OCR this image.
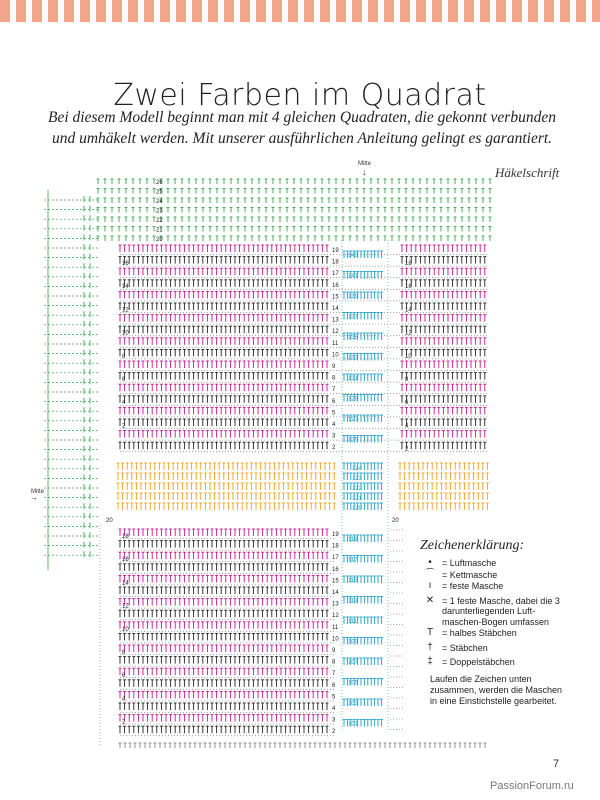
Zwei Farben im Quadrat

Bei diesem Modell beginnt man mit 4 gleichen Quadraten, die gekonnt verbunden
und umhäkelt werden. Mit unserer ausführlichen Anleitung gelingt es garantiert.

Häkelschrift
Mitte
↓
Mitte
→
26
25
24
23
22
21
20
19
18
17
16
15
14
13
12
11
10
9
8
7
6
5
4
3
2
16
14
12
10
8
6
4
2
18
16
14
12
10
8
6
4
2
143
141
139
137
135
133
131
129
127
125
124
123
122
121
120
20	20
19
18
17
16
15
14
13
12
11
10
9
8
7
6
5
4
3
2
18
16
14
12
10
8
6
4
2
119
117
115
113
111
109
107
105
103
101
Zeichenerklärung:
•	= Luftmasche
⌒ = Kettmasche
ı	= feste Masche
✕ = 1 feste Masche, dabei die 3 darunterliegenden Luft-maschen-Bogen umfassen
T = halbes Stäbchen
†	= Stäbchen
‡	= Doppelstäbchen
Laufen die Zeichen unten zusammen, werden die Maschen in eine Einstichstelle gearbeitet.
7
PassionForum.ru
